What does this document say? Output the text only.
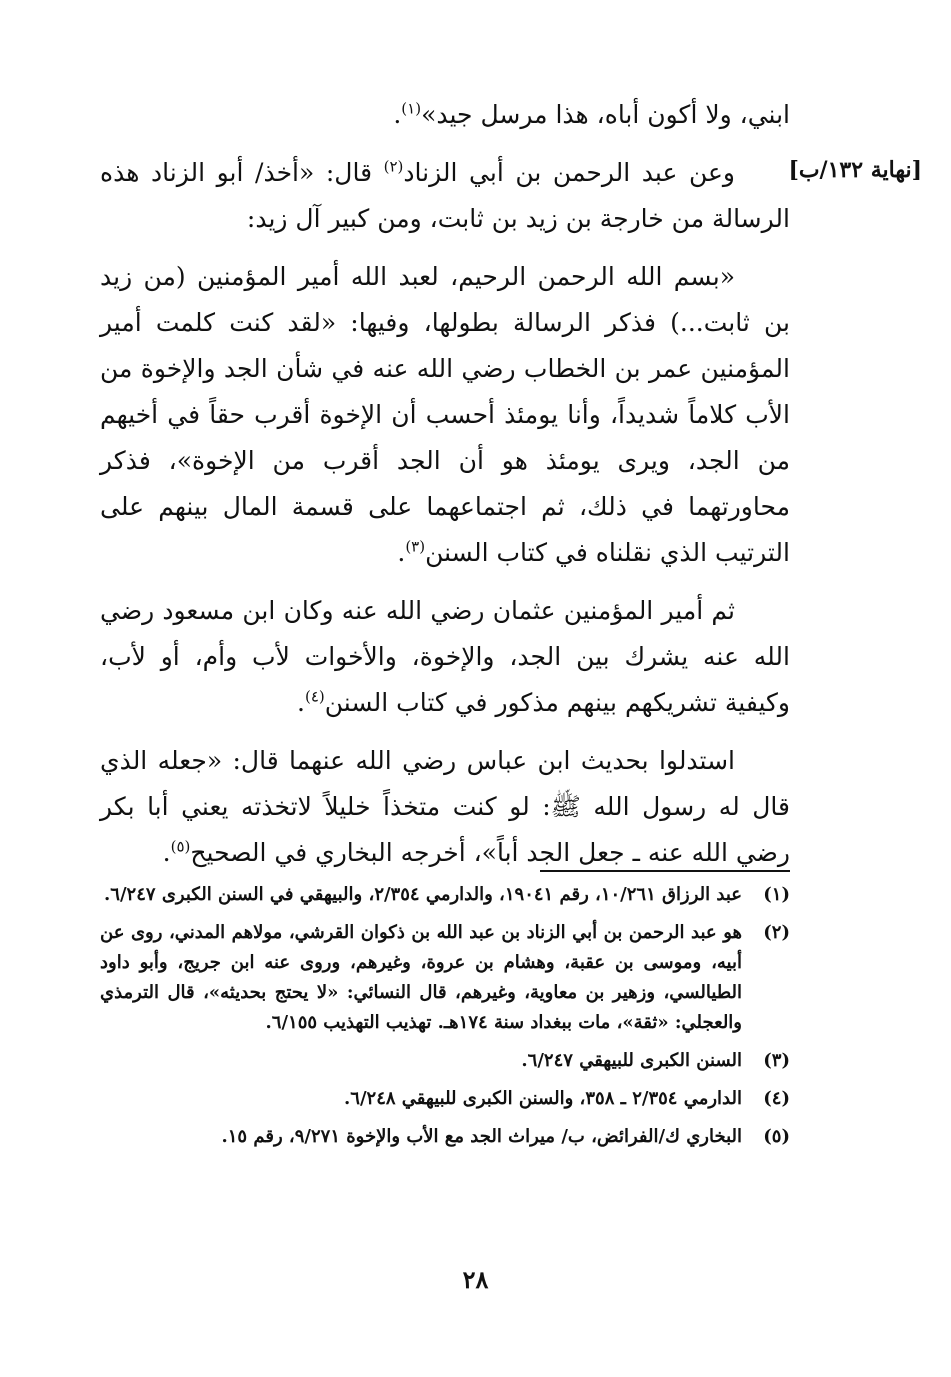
[نهاية ١٣٢/ب]

ابني، ولا أكون أباه، هذا مرسل جيد»$^{(١)}$.

وعن عبد الرحمن بن أبي الزناد$^{(٢)}$ قال: «أخذ/ أبو الزناد هذه الرسالة من خارجة بن زيد بن ثابت، ومن كبير آل زيد:

«بسم الله الرحمن الرحيم، لعبد الله أمير المؤمنين (من زيد بن ثابت...) فذكر الرسالة بطولها، وفيها: «لقد كنت كلمت أمير المؤمنين عمر بن الخطاب رضي الله عنه في شأن الجد والإخوة من الأب كلاماً شديداً، وأنا يومئذ أحسب أن الإخوة أقرب حقاً في أخيهم من الجد، ويرى يومئذ هو أن الجد أقرب من الإخوة»، فذكر محاورتهما في ذلك، ثم اجتماعهما على قسمة المال بينهم على الترتيب الذي نقلناه في كتاب السنن$^{(٣)}$.

ثم أمير المؤمنين عثمان رضي الله عنه وكان ابن مسعود رضي الله عنه يشرك بين الجد، والإخوة، والأخوات لأب وأم، أو لأب، وكيفية تشريكهم بينهم مذكور في كتاب السنن$^{(٤)}$.

استدلوا بحديث ابن عباس رضي الله عنهما قال: «جعله الذي قال له رسول الله ﷺ: لو كنت متخذاً خليلاً لاتخذته يعني أبا بكر رضي الله عنه ـ جعل الجد أباً»، أخرجه البخاري في الصحيح$^{(٥)}$.

(١)
عبد الرزاق ١٠/٢٦١، رقم ١٩٠٤١، والدارمي ٢/٣٥٤، والبيهقي في السنن الكبرى ٦/٢٤٧.
(٢)
هو عبد الرحمن بن أبي الزناد بن عبد الله بن ذكوان القرشي، مولاهم المدني، روى عن أبيه، وموسى بن عقبة، وهشام بن عروة، وغيرهم، وروى عنه ابن جريج، وأبو داود الطيالسي، وزهير بن معاوية، وغيرهم، قال النسائي: «لا يحتج بحديثه»، قال الترمذي والعجلي: «ثقة»، مات ببغداد سنة ١٧٤هـ. تهذيب التهذيب ٦/١٥٥.
(٣)
السنن الكبرى للبيهقي ٦/٢٤٧.
(٤)
الدارمي ٢/٣٥٤ ـ ٣٥٨، والسنن الكبرى للبيهقي ٦/٢٤٨.
(٥)
البخاري ك/الفرائض، ب/ ميراث الجد مع الأب والإخوة ٩/٢٧١، رقم ١٥.
٢٨
